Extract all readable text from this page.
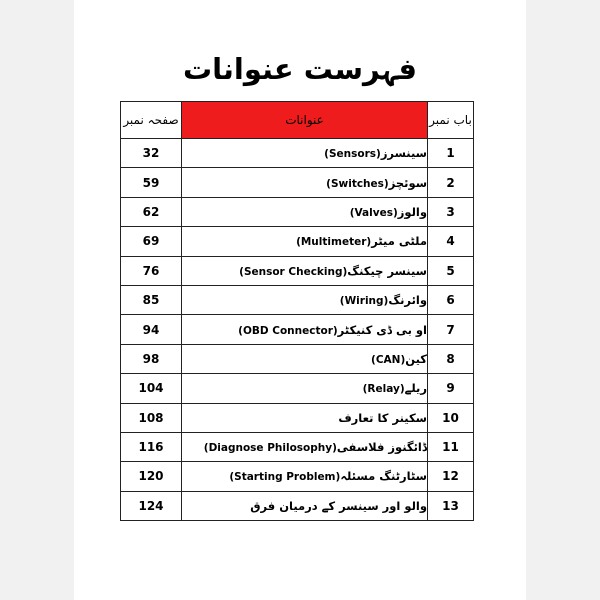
فہرست عنوانات
باب نمبر	عنوانات	صفحہ نمبر
1	سینسرز(Sensors)	32
2	سوئچز(Switches)	59
3	والوز(Valves)	62
4	ملٹی میٹر(Multimeter)	69
5	سینسر چیکنگ(Sensor Checking)	76
6	وائرنگ(Wiring)	85
7	او بی ڈی کنیکٹر(OBD Connector)	94
8	کین(CAN)	98
9	ریلے(Relay)	104
10	سکینر کا تعارف	108
11	ڈائگنوز فلاسفی(Diagnose Philosophy)	116
12	سٹارٹنگ مسئلہ(Starting Problem)	120
13	والو اور سینسر کے درمیان فرق	124
